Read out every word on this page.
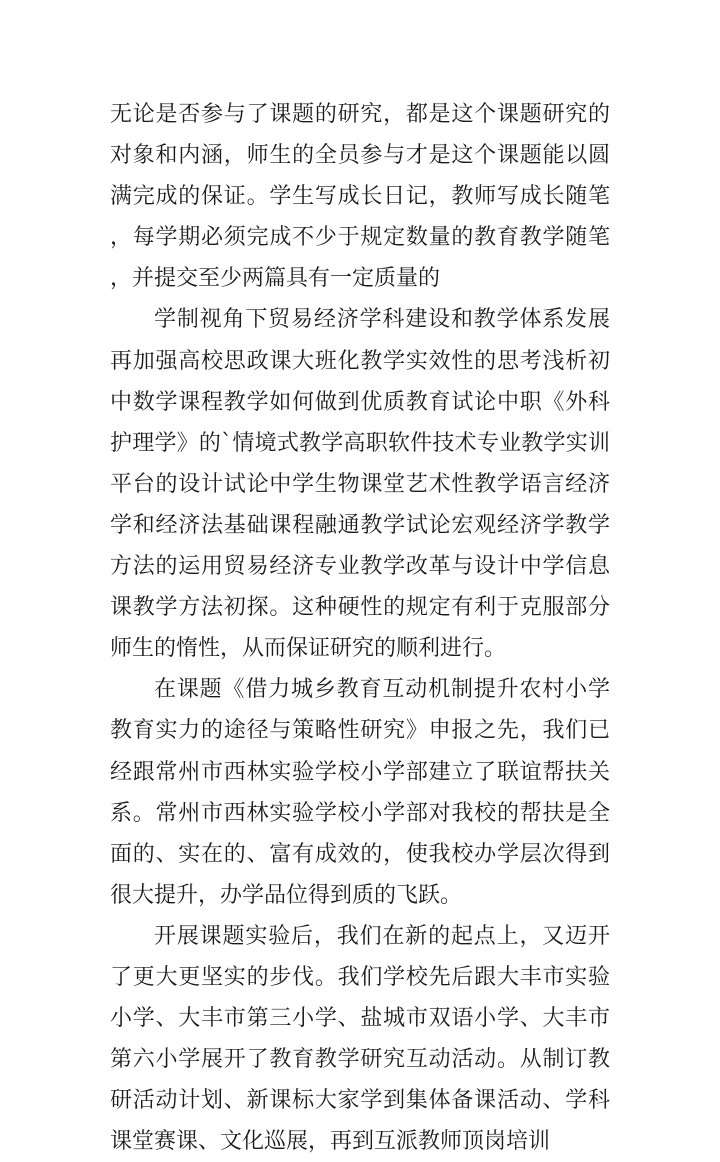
无论是否参与了课题的研究，都是这个课题研究的对象和内涵，师生的全员参与才是这个课题能以圆满完成的保证。学生写成长日记，教师写成长随笔，每学期必须完成不少于规定数量的教育教学随笔，并提交至少两篇具有一定质量的

学制视角下贸易经济学科建设和教学体系发展再加强高校思政课大班化教学实效性的思考浅析初中数学课程教学如何做到优质教育试论中职《外科护理学》的`情境式教学高职软件技术专业教学实训平台的设计试论中学生物课堂艺术性教学语言经济学和经济法基础课程融通教学试论宏观经济学教学方法的运用贸易经济专业教学改革与设计中学信息课教学方法初探。这种硬性的规定有利于克服部分师生的惰性，从而保证研究的顺利进行。

在课题《借力城乡教育互动机制提升农村小学教育实力的途径与策略性研究》申报之先，我们已经跟常州市西林实验学校小学部建立了联谊帮扶关系。常州市西林实验学校小学部对我校的帮扶是全面的、实在的、富有成效的，使我校办学层次得到很大提升，办学品位得到质的飞跃。

开展课题实验后，我们在新的起点上，又迈开了更大更坚实的步伐。我们学校先后跟大丰市实验小学、大丰市第三小学、盐城市双语小学、大丰市第六小学展开了教育教学研究互动活动。从制订教研活动计划、新课标大家学到集体备课活动、学科课堂赛课、文化巡展，再到互派教师顶岗培训
